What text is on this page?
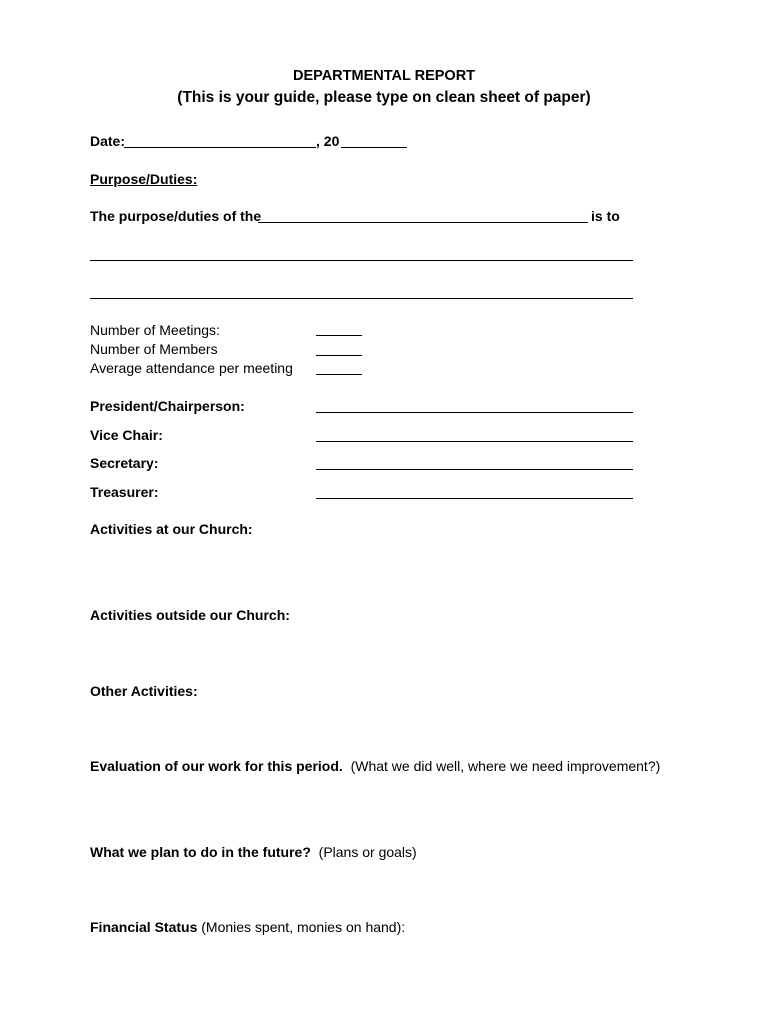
DEPARTMENTAL REPORT
(This is your guide, please type on clean sheet of paper)
Date:	, 20
Purpose/Duties:
The purpose/duties of the	is to
Number of Meetings:
Number of Members
Average attendance per meeting
President/Chairperson:
Vice Chair:
Secretary:
Treasurer:
Activities at our Church:
Activities outside our Church:
Other Activities:
Evaluation of our work for this period. (What we did well, where we need improvement?)
What we plan to do in the future? (Plans or goals)
Financial Status (Monies spent, monies on hand):
